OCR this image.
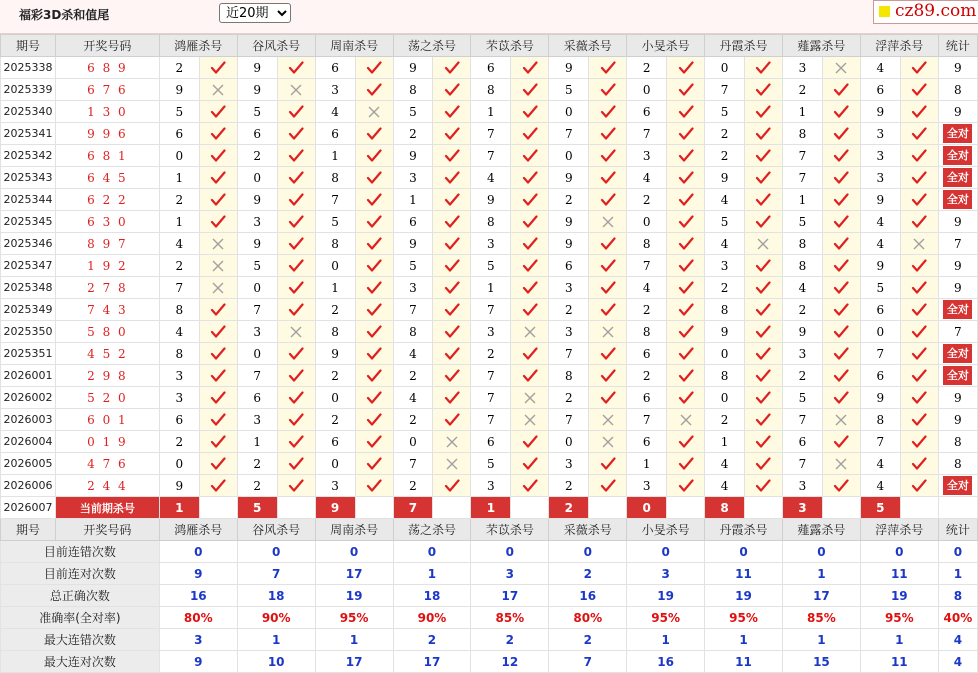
福彩3D杀和值尾
近20期	cz89.com
期号	开奖号码	鸿雁杀号		谷风杀号		周南杀号		荡之杀号		芣苡杀号		采薇杀号		小旻杀号		丹霞杀号		薤露杀号		浮萍杀号		统计
2025338	6 8 9	2		9		6		9		6		9		2		0		3		4		9
2025339	6 7 6	9		9		3		8		8		5		0		7		2		6		8
2025340	1 3 0	5		5		4		5		1		0		6		5		1		9		9
2025341	9 9 6	6		6		6		2		7		7		7		2		8		3		全对
2025342	6 8 1	0		2		1		9		7		0		3		2		7		3		全对
2025343	6 4 5	1		0		8		3		4		9		4		9		7		3		全对
2025344	6 2 2	2		9		7		1		9		2		2		4		1		9		全对
2025345	6 3 0	1		3		5		6		8		9		0		5		5		4		9
2025346	8 9 7	4		9		8		9		3		9		8		4		8		4		7
2025347	1 9 2	2		5		0		5		5		6		7		3		8		9		9
2025348	2 7 8	7		0		1		3		1		3		4		2		4		5		9
2025349	7 4 3	8		7		2		7		7		2		2		8		2		6		全对
2025350	5 8 0	4		3		8		8		3		3		8		9		9		0		7
2025351	4 5 2	8		0		9		4		2		7		6		0		3		7		全对
2026001	2 9 8	3		7		2		2		7		8		2		8		2		6		全对
2026002	5 2 0	3		6		0		4		7		2		6		0		5		9		9
2026003	6 0 1	6		3		2		2		7		7		7		2		7		8		9
2026004	0 1 9	2		1		6		0		6		0		6		1		6		7		8
2026005	4 7 6	0		2		0		7		5		3		1		4		7		4		8
2026006	2 4 4	9		2		3		2		3		2		3		4		3		4		全对
2026007	当前期杀号	1		5		9		7		1		2		0		8		3		5		
期号	开奖号码	鸿雁杀号		谷风杀号		周南杀号		荡之杀号		芣苡杀号		采薇杀号		小旻杀号		丹霞杀号		薤露杀号		浮萍杀号		统计
目前连错次数		0		0		0		0		0		0		0		0		0		0		0
目前连对次数		9		7		17		1		3		2		3		11		1		11		1
总正确次数		16		18		19		18		17		16		19		19		17		19		8
准确率(全对率)		80%		90%		95%		90%		85%		80%		95%		95%		85%		95%		40%
最大连错次数		3		1		1		2		2		2		1		1		1		1		4
最大连对次数		9		10		17		17		12		7		16		11		15		11		4
